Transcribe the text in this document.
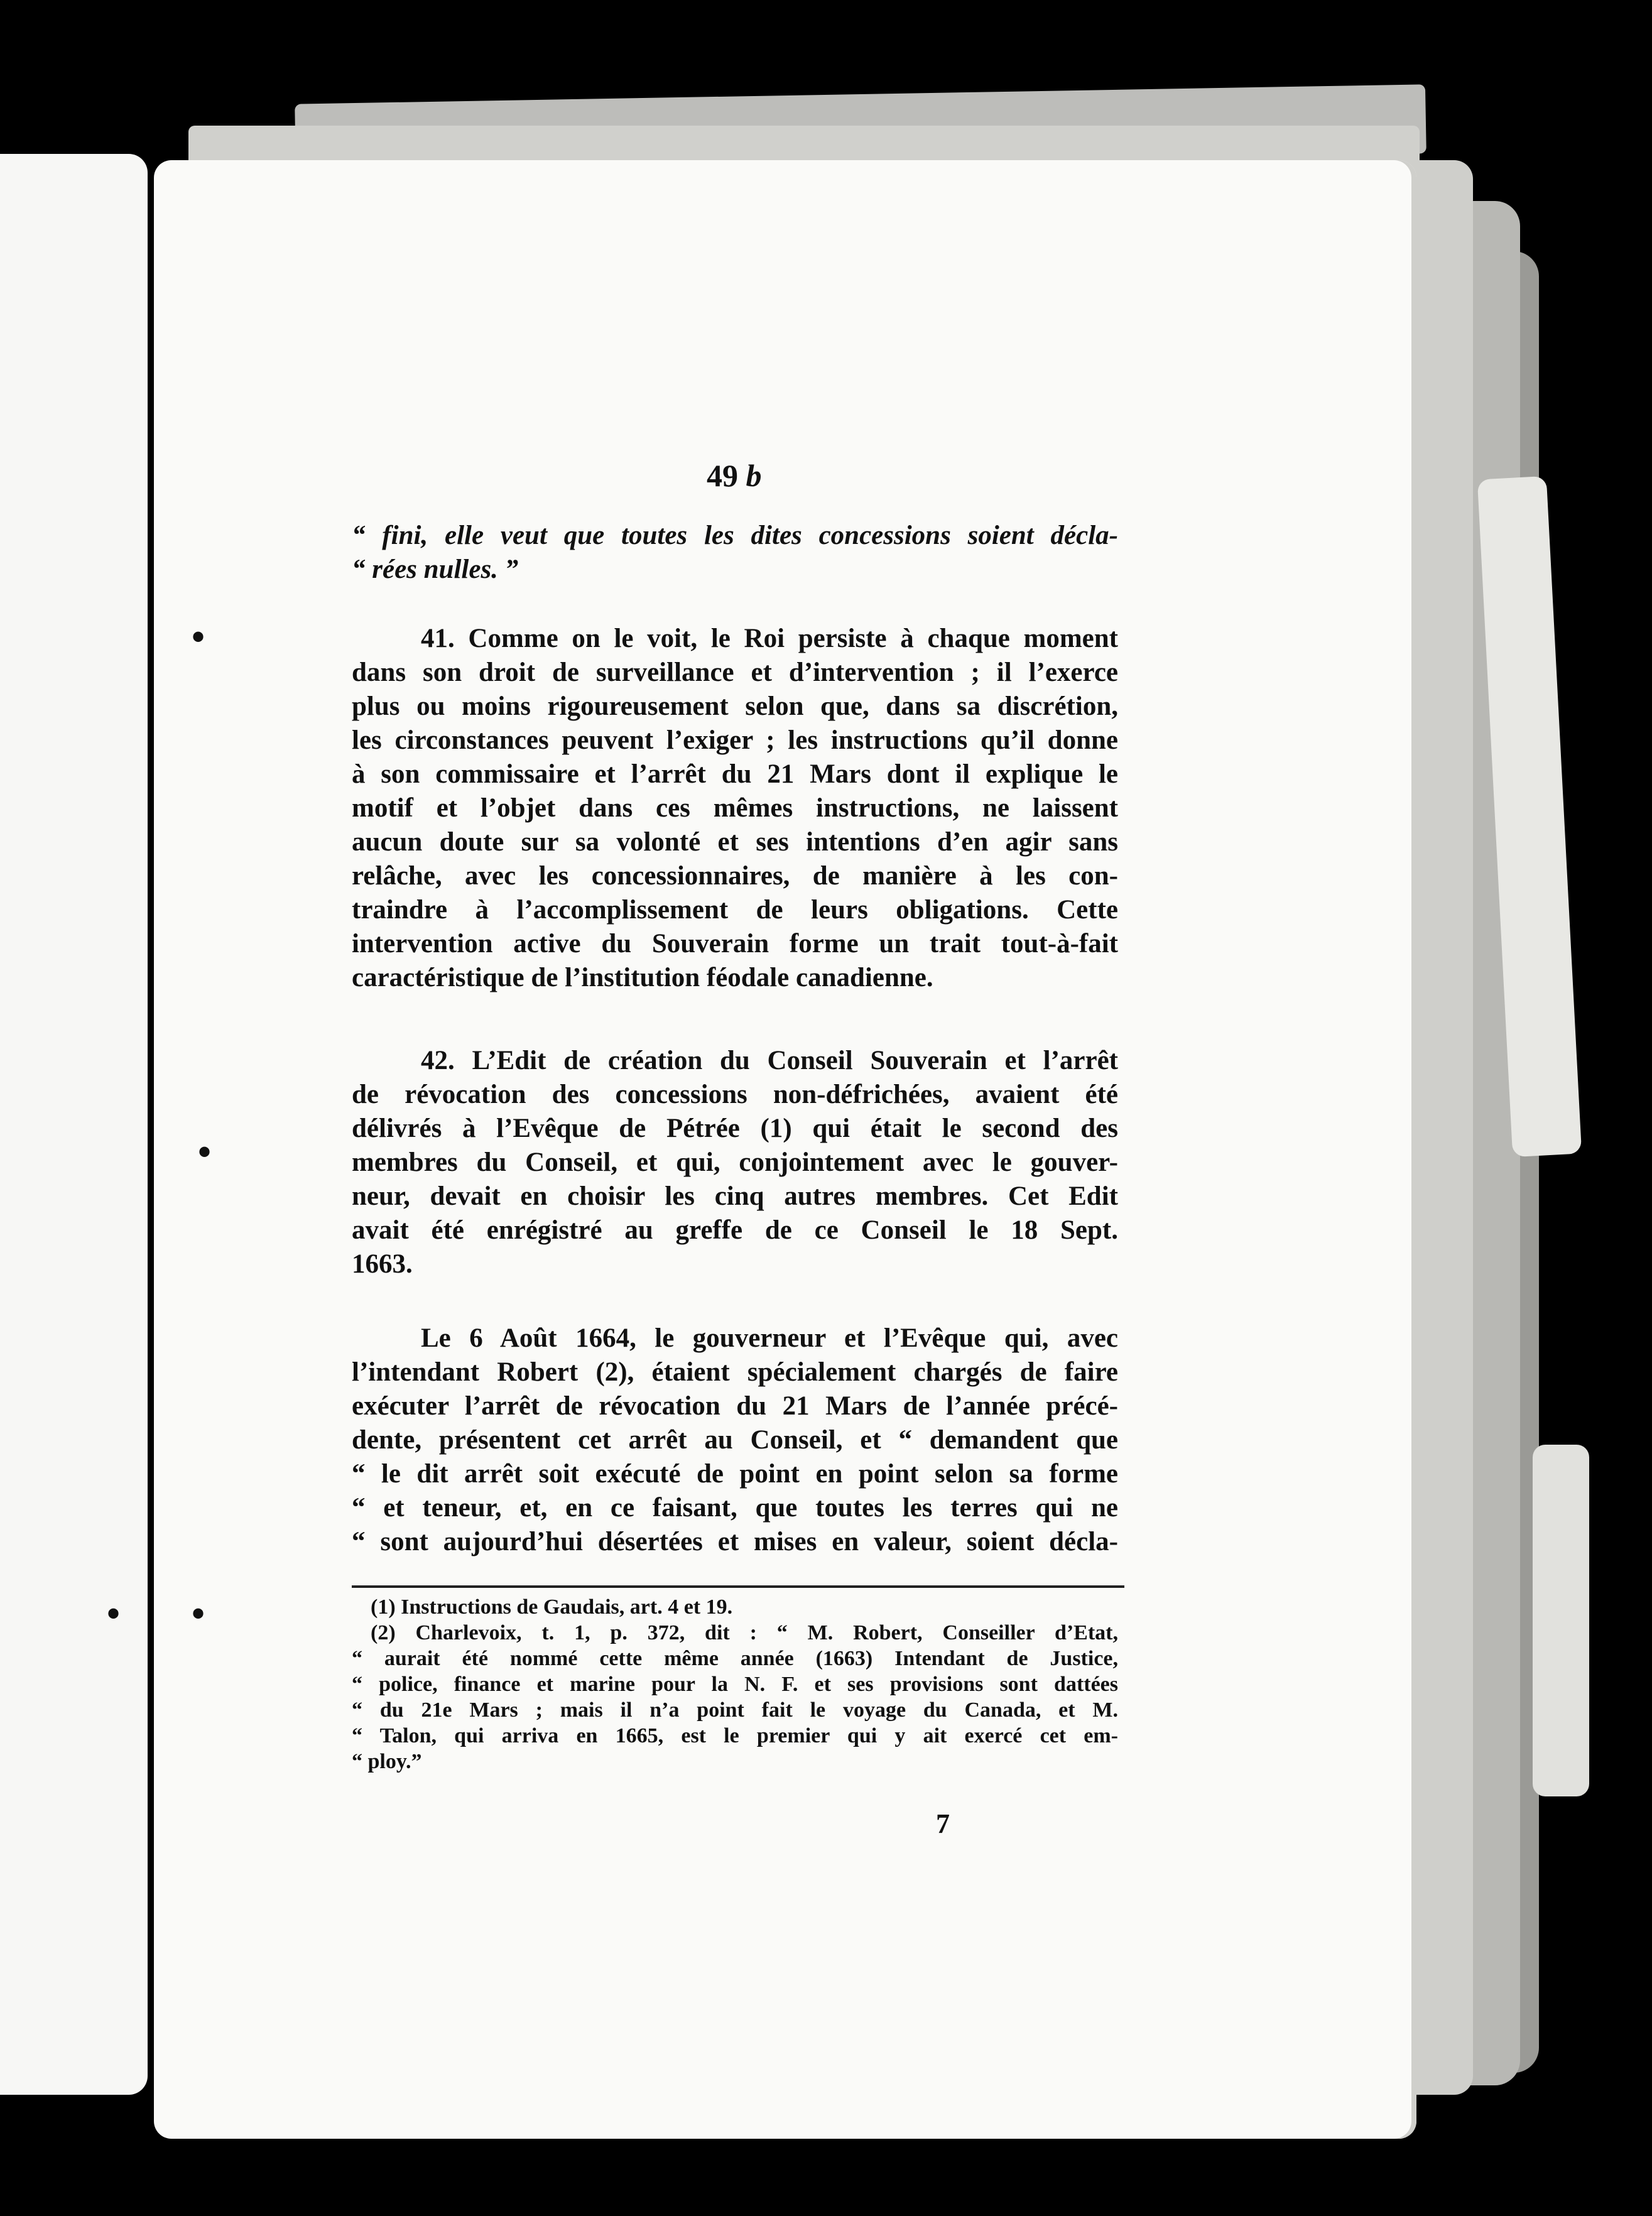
•
•
•
•
49 b
“ fini, elle veut que toutes les dites concessions soient décla-
“ rées nulles. ”
41. Comme on le voit, le Roi persiste à chaque moment
dans son droit de surveillance et d’intervention ; il l’exerce
plus ou moins rigoureusement selon que, dans sa discrétion,
les circonstances peuvent l’exiger ; les instructions qu’il donne
à son commissaire et l’arrêt du 21 Mars dont il explique le
motif et l’objet dans ces mêmes instructions, ne laissent
aucun doute sur sa volonté et ses intentions d’en agir sans
relâche, avec les concessionnaires, de manière à les con-
traindre à l’accomplissement de leurs obligations. Cette
intervention active du Souverain forme un trait tout-à-fait
caractéristique de l’institution féodale canadienne.
42. L’Edit de création du Conseil Souverain et l’arrêt
de révocation des concessions non-défrichées, avaient été
délivrés à l’Evêque de Pétrée (1) qui était le second des
membres du Conseil, et qui, conjointement avec le gouver-
neur, devait en choisir les cinq autres membres. Cet Edit
avait été enrégistré au greffe de ce Conseil le 18 Sept.
1663.
Le 6 Août 1664, le gouverneur et l’Evêque qui, avec
l’intendant Robert (2), étaient spécialement chargés de faire
exécuter l’arrêt de révocation du 21 Mars de l’année précé-
dente, présentent cet arrêt au Conseil, et “ demandent que
“ le dit arrêt soit exécuté de point en point selon sa forme
“ et teneur, et, en ce faisant, que toutes les terres qui ne
“ sont aujourd’hui désertées et mises en valeur, soient décla-
(1) Instructions de Gaudais, art. 4 et 19.
(2) Charlevoix, t. 1, p. 372, dit : “ M. Robert, Conseiller d’Etat,
“ aurait été nommé cette même année (1663) Intendant de Justice,
“ police, finance et marine pour la N. F. et ses provisions sont dattées
“ du 21e Mars ; mais il n’a point fait le voyage du Canada, et M.
“ Talon, qui arriva en 1665, est le premier qui y ait exercé cet em-
“ ploy.”
7
